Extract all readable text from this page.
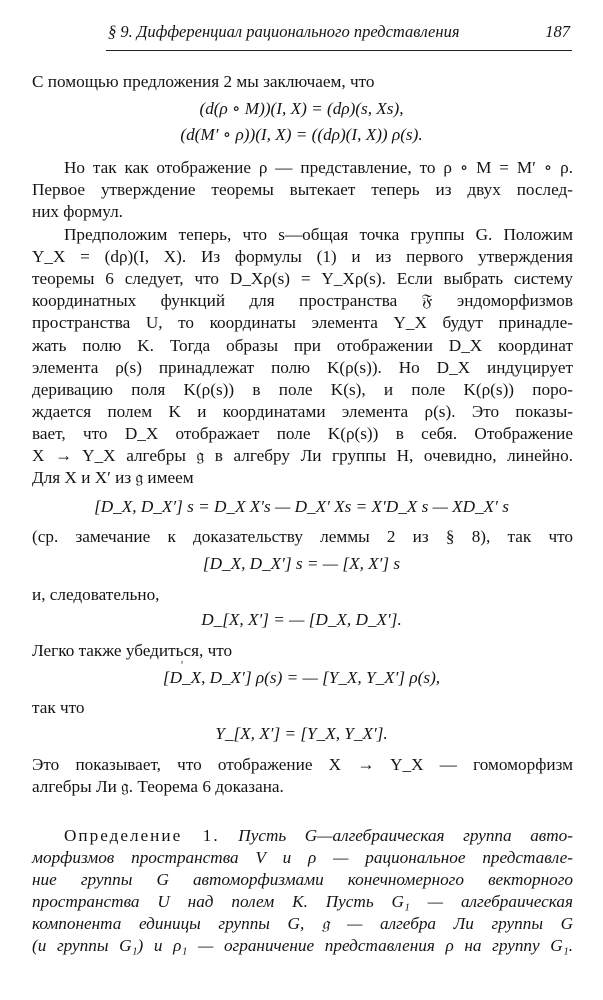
§ 9. Дифференциал рационального представления	187
С помощью предложения 2 мы заключаем, что
(d(ρ ∘ M))(I, X) = (dρ)(s, Xs),
(d(M′ ∘ ρ))(I, X) = ((dρ)(I, X)) ρ(s).
Но так как отображение ρ — представление, то ρ ∘ M = M′ ∘ ρ.
Первое утверждение теоремы вытекает теперь из двух послед-
них формул.
Предположим теперь, что s—общая точка группы G. Положим
Y_X = (dρ)(I, X). Из формулы (1) и из первого утверждения
теоремы 6 следует, что D_Xρ(s) = Y_Xρ(s). Если выбрать систему
координатных функций для пространства 𝔉 эндоморфизмов
пространства U, то координаты элемента Y_X будут принадле-
жать полю K. Тогда образы при отображении D_X координат
элемента ρ(s) принадлежат полю K(ρ(s)). Но D_X индуцирует
деривацию поля K(ρ(s)) в поле K(s), и поле K(ρ(s)) поро-
ждается полем K и координатами элемента ρ(s). Это показы-
вает, что D_X отображает поле K(ρ(s)) в себя. Отображение
X → Y_X алгебры 𝔤 в алгебру Ли группы H, очевидно, линейно.
Для X и X′ из 𝔤 имеем
[D_X, D_X′] s = D_X X′s — D_X′ Xs = X′D_X s — XD_X′ s
(ср. замечание к доказательству леммы 2 из § 8), так что
[D_X, D_X′] s = — [X, X′] s
и, следовательно,
D_[X, X′] = — [D_X, D_X′].
Легко также убедиться, что
[D_X, D_X′] ρ(s) = — [Y_X, Y_X′] ρ(s),
ʼ
так что
Y_[X, X′] = [Y_X, Y_X′].
Это показывает, что отображение X → Y_X — гомоморфизм
алгебры Ли 𝔤. Теорема 6 доказана.
Определение 1. Пусть G—алгебраическая группа авто-
морфизмов пространства V и ρ — рациональное представле-
ние группы G автоморфизмами конечномерного векторного
пространства U над полем K. Пусть G₁ — алгебраическая
компонента единицы группы G, 𝔤 — алгебра Ли группы G
(и группы G₁) и ρ₁ — ограничение представления ρ на группу G₁.
